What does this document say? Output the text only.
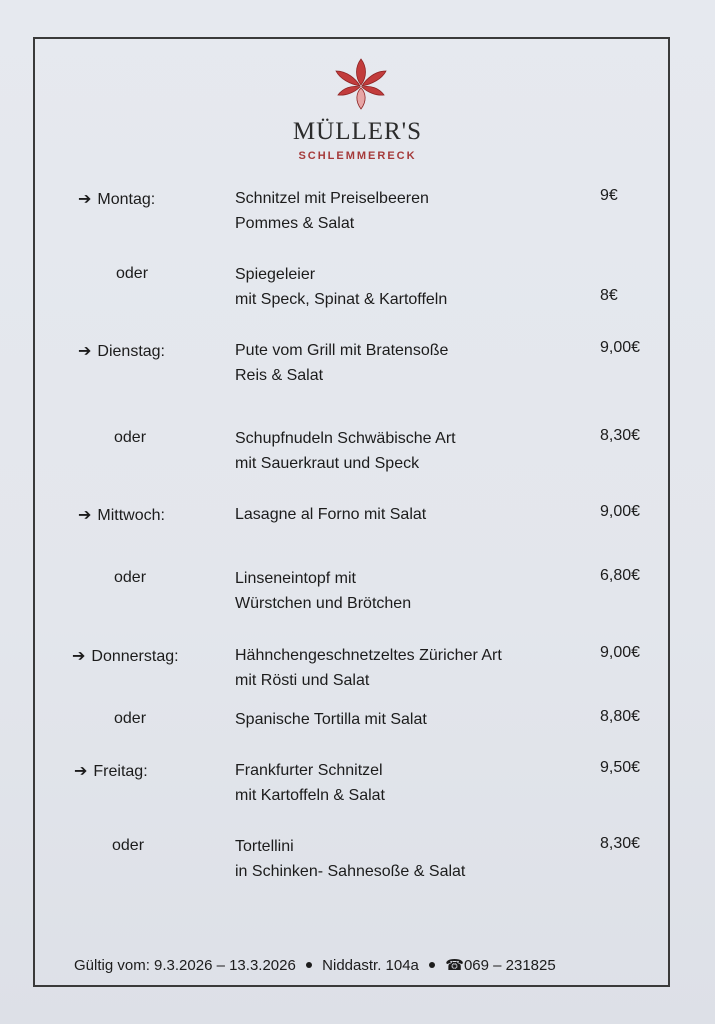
MÜLLER'S
SCHLEMMERECK
➔ Montag:	Schnitzel mit Preiselbeeren
Pommes & Salat
9€
oder	Spiegeleier
mit Speck, Spinat & Kartoffeln	8€
➔ Dienstag:	Pute vom Grill mit Bratensoße
Reis & Salat
9,00€
oder	Schupfnudeln Schwäbische Art
mit Sauerkraut und Speck
8,30€
➔ Mittwoch:	Lasagne al Forno mit Salat	9,00€
oder	Linseneintopf mit
Würstchen und Brötchen
6,80€
➔ Donnerstag:	Hähnchengeschnetzeltes Züricher Art
mit Rösti und Salat
9,00€
oder	Spanische Tortilla mit Salat	8,80€
➔ Freitag:	Frankfurter Schnitzel
mit Kartoffeln & Salat
9,50€
oder	Tortellini
in Schinken- Sahnesoße & Salat
8,30€
Gültig vom: 9.3.2026 – 13.3.2026 Niddastr. 104a ☎069 – 231825
